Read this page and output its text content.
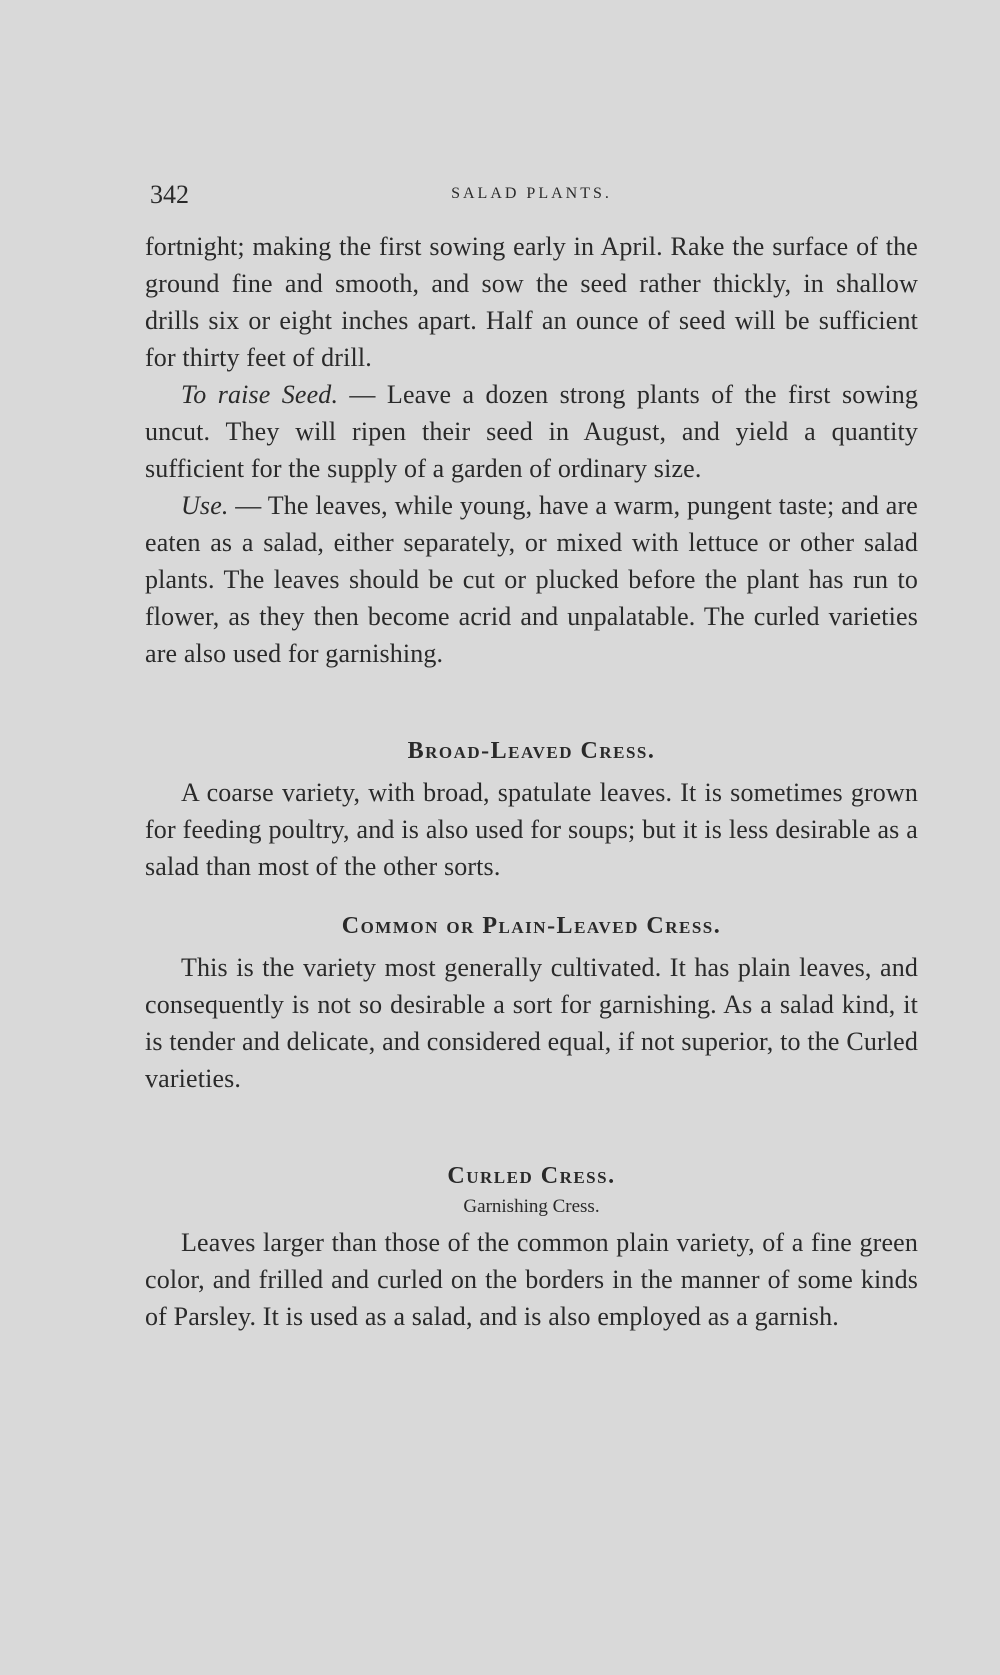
342	SALAD PLANTS.

fortnight; making the first sowing early in April. Rake the surface of the ground fine and smooth, and sow the seed rather thickly, in shallow drills six or eight inches apart. Half an ounce of seed will be sufficient for thirty feet of drill.

To raise Seed. — Leave a dozen strong plants of the first sowing uncut. They will ripen their seed in August, and yield a quantity sufficient for the supply of a garden of ordinary size.

Use. — The leaves, while young, have a warm, pungent taste; and are eaten as a salad, either separately, or mixed with lettuce or other salad plants. The leaves should be cut or plucked before the plant has run to flower, as they then become acrid and unpalatable. The curled varieties are also used for garnishing.

Broad-Leaved Cress.

A coarse variety, with broad, spatulate leaves. It is sometimes grown for feeding poultry, and is also used for soups; but it is less desirable as a salad than most of the other sorts.

Common or Plain-Leaved Cress.

This is the variety most generally cultivated. It has plain leaves, and consequently is not so desirable a sort for garnishing. As a salad kind, it is tender and delicate, and considered equal, if not superior, to the Curled varieties.

Curled Cress.
Garnishing Cress.

Leaves larger than those of the common plain variety, of a fine green color, and frilled and curled on the borders in the manner of some kinds of Parsley. It is used as a salad, and is also employed as a garnish.
